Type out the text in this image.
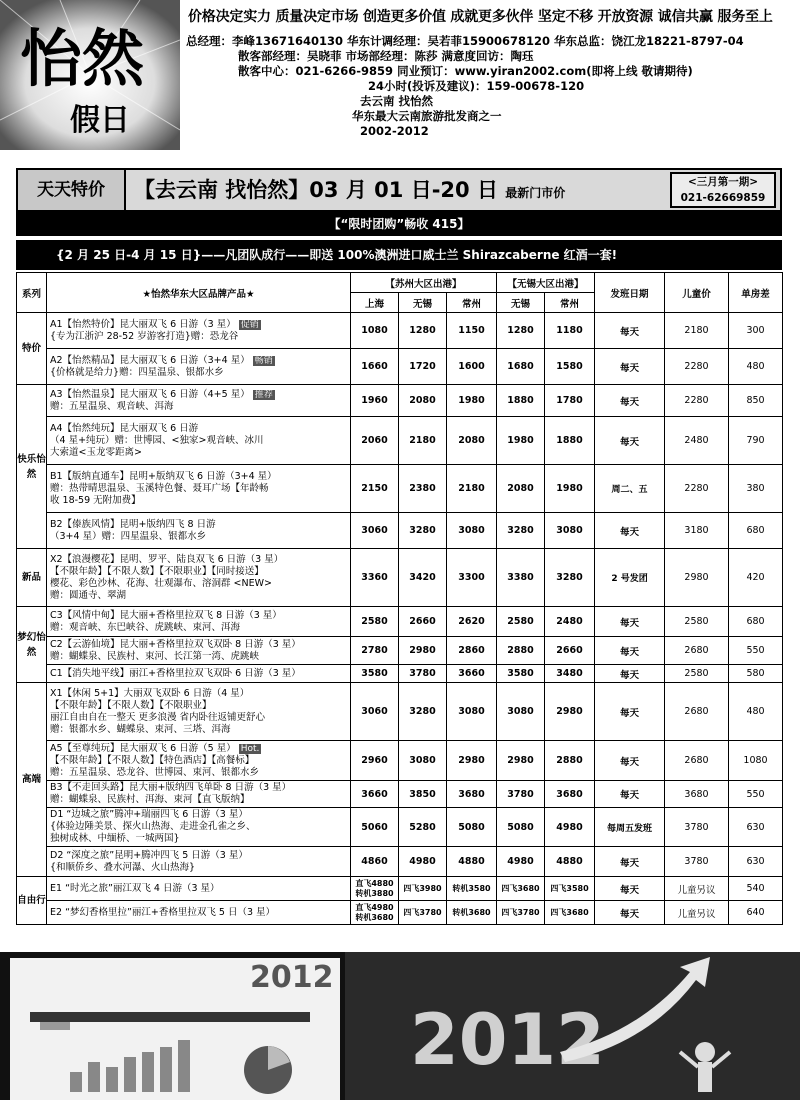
怡然
假日
价格决定实力 质量决定市场 创造更多价值 成就更多伙伴 坚定不移 开放资源 诚信共赢 服务至上
总经理：李峰13671640130 华东计调经理：吴若菲15900678120 华东总监：饶江龙18221-8797-04
散客部经理：吴晓菲 市场部经理：陈莎 满意度回访：陶珏
散客中心：021-6266-9859 同业预订：www.yiran2002.com(即将上线 敬请期待)
24小时(投诉及建议)：159-00678-120
去云南 找怡然
华东最大云南旅游批发商之一
2002-2012
天天特价	【去云南 找怡然】03 月 01 日-20 日 最新门市价
<三月第一期>
021-62669859
【“限时团购”畅收 415】
{2 月 25 日-4 月 15 日}——凡团队成行——即送 100%澳洲进口威士兰 Shirazcaberne 红酒一套!
系列	★怡然华东大区品牌产品★	【苏州大区出港】			【无锡大区出港】		发班日期	儿童价	单房差
		上海	无锡	常州	无锡	常州			
特价	A1【怡然特价】昆大丽双飞 6 日游（3 星） 促销
{专为江浙沪 28-52 岁游客打造}赠：恐龙谷	1080	1280	1150	1280	1180	每天	2180	300

	A2【怡然精品】昆大丽双飞 6 日游（3+4 星） 畅销
{价格就是给力}赠：四星温泉、银都水乡	1660	1720	1600	1680	1580	每天	2280	480
快乐怡然	A3【怡然温泉】昆大丽双飞 6 日游（4+5 星） 推荐
赠：五星温泉、观音峡、洱海	1960	2080	1980	1880	1780	每天	2280	850

	A4【怡然纯玩】昆大丽双飞 6 日游
（4 星+纯玩）赠：世博园、<独家>观音峡、冰川
大索道<玉龙零距离>	2060	2180	2080	1980	1880	每天	2480	790

	B1【版纳直通车】昆明+版纳双飞 6 日游（3+4 星）
赠：热带晴思温泉、玉溪特色餐、聂耳广场【年龄畅
收 18-59 无附加费】	2150	2380	2180	2080	1980	周二、五	2280	380

	B2【傣族风情】昆明+版纳四飞 8 日游
（3+4 星）赠：四星温泉、银都水乡	3060	3280	3080	3280	3080	每天	3180	680
新品	X2【浪漫樱花】昆明、罗平、陆良双飞 6 日游（3 星）
【不限年龄】【不限人数】【不限职业】【同时接送】
樱花、彩色沙林、花海、壮观瀑布、溶洞群 <NEW>
赠：圆通寺、翠湖	3360	3420	3300	3380	3280	2 号发团	2980	420
梦幻怡然	C3【风情中甸】昆大丽+香格里拉双飞 8 日游（3 星）
赠：观音峡、东巴峡谷、虎跳峡、束河、洱海	2580	2660	2620	2580	2480	每天	2580	680

	C2【云游仙境】昆大丽+香格里拉双飞双卧 8 日游（3 星）
赠：蝴蝶泉、民族村、束河、长江第一湾、虎跳峡	2780	2980	2860	2880	2660	每天	2680	550

	C1【消失地平线】丽江+香格里拉双飞双卧 6 日游（3 星）	3580	3780	3660	3580	3480	每天	2580	580
高端	X1【休闲 5+1】大丽双飞双卧 6 日游（4 星）
【不限年龄】【不限人数】【不限职业】
丽江自由自在一整天 更多浪漫 省内卧往返铺更舒心
赠：银都水乡、蝴蝶泉、束河、三塔、洱海	3060	3280	3080	3080	2980	每天	2680	480

	A5【至尊纯玩】昆大丽双飞 6 日游（5 星） Hot.
【不限年龄】【不限人数】【特色酒店】【高餐标】
赠：五星温泉、恐龙谷、世博园、束河、银都水乡	2960	3080	2980	2980	2880	每天	2680	1080

	B3【不走回头路】昆大丽+版纳四飞单卧 8 日游（3 星）
赠：蝴蝶泉、民族村、洱海、束河【直飞版纳】	3660	3850	3680	3780	3680	每天	3680	550

	D1 “边城之旅”腾冲+瑞丽四飞 6 日游（3 星）
{体验边陲美景、探火山热海、走进金孔雀之乡、
独树成林、中缅桥、一城两国}	5060	5280	5080	5080	4980	每周五发班	3780	630

	D2 “深度之旅”昆明+腾冲四飞 5 日游（3 星）
{和顺侨乡、叠水河瀑、火山热海}	4860	4980	4880	4980	4880	每天	3780	630
自由行	E1 “时光之旅”丽江双飞 4 日游（3 星）	直飞4880 转机3880	四飞3980	转机3580	四飞3680	四飞3580	每天	儿童另议	540

	E2 “梦幻香格里拉”丽江+香格里拉双飞 5 日（3 星）	直飞4980 转机3680	四飞3780	转机3680	四飞3780	四飞3680	每天	儿童另议	640
2012
2012
